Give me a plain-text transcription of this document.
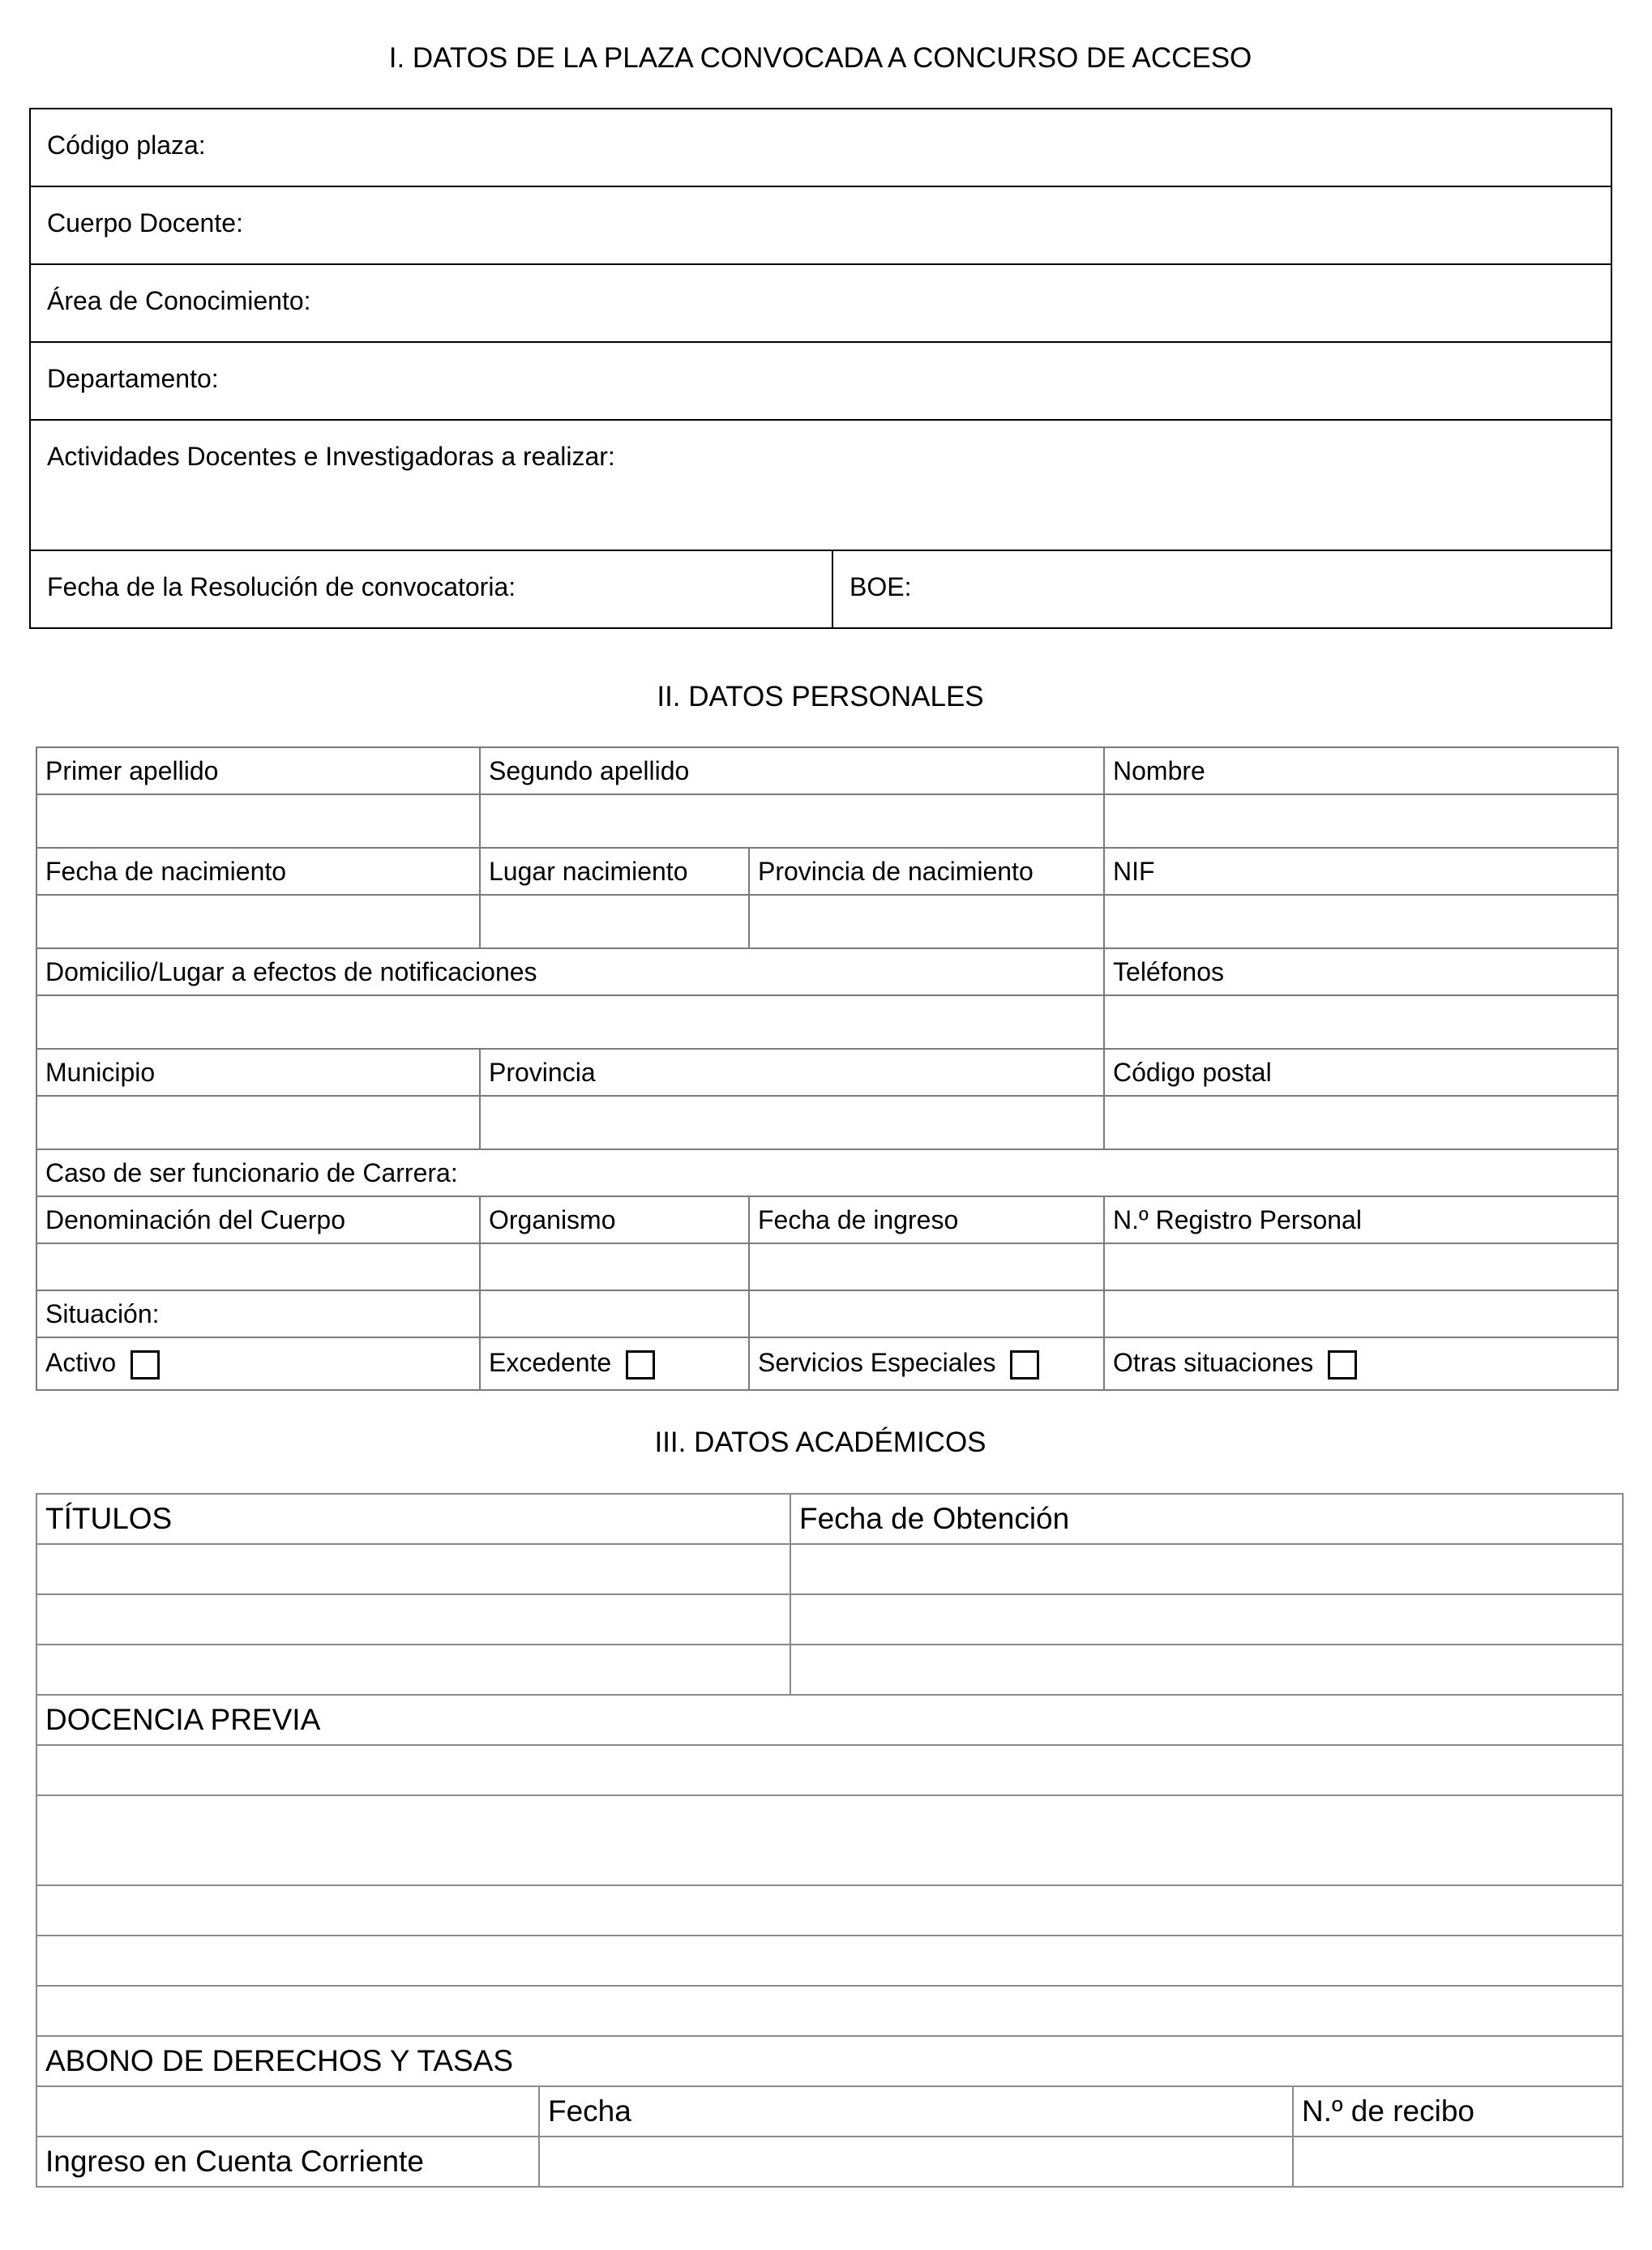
I. DATOS DE LA PLAZA CONVOCADA A CONCURSO DE ACCESO
Código plaza:
Cuerpo Docente:
Área de Conocimiento:
Departamento:
Actividades Docentes e Investigadoras a realizar:
Fecha de la Resolución de convocatoria:	BOE:
II. DATOS PERSONALES
Primer apellido	Segundo apellido		Nombre

Fecha de nacimiento	Lugar nacimiento	Provincia de nacimiento	NIF

Domicilio/Lugar a efectos de notificaciones			Teléfonos

Municipio	Provincia		Código postal

Caso de ser funcionario de Carrera:			
Denominación del Cuerpo	Organismo	Fecha de ingreso	N.º Registro Personal

Situación:			
Activo	Excedente	Servicios Especiales	Otras situaciones
III. DATOS ACADÉMICOS
TÍTULOS		Fecha de Obtención	

DOCENCIA PREVIA			

ABONO DE DERECHOS Y TASAS			
	Fecha		N.º de recibo
Ingreso en Cuenta Corriente			
